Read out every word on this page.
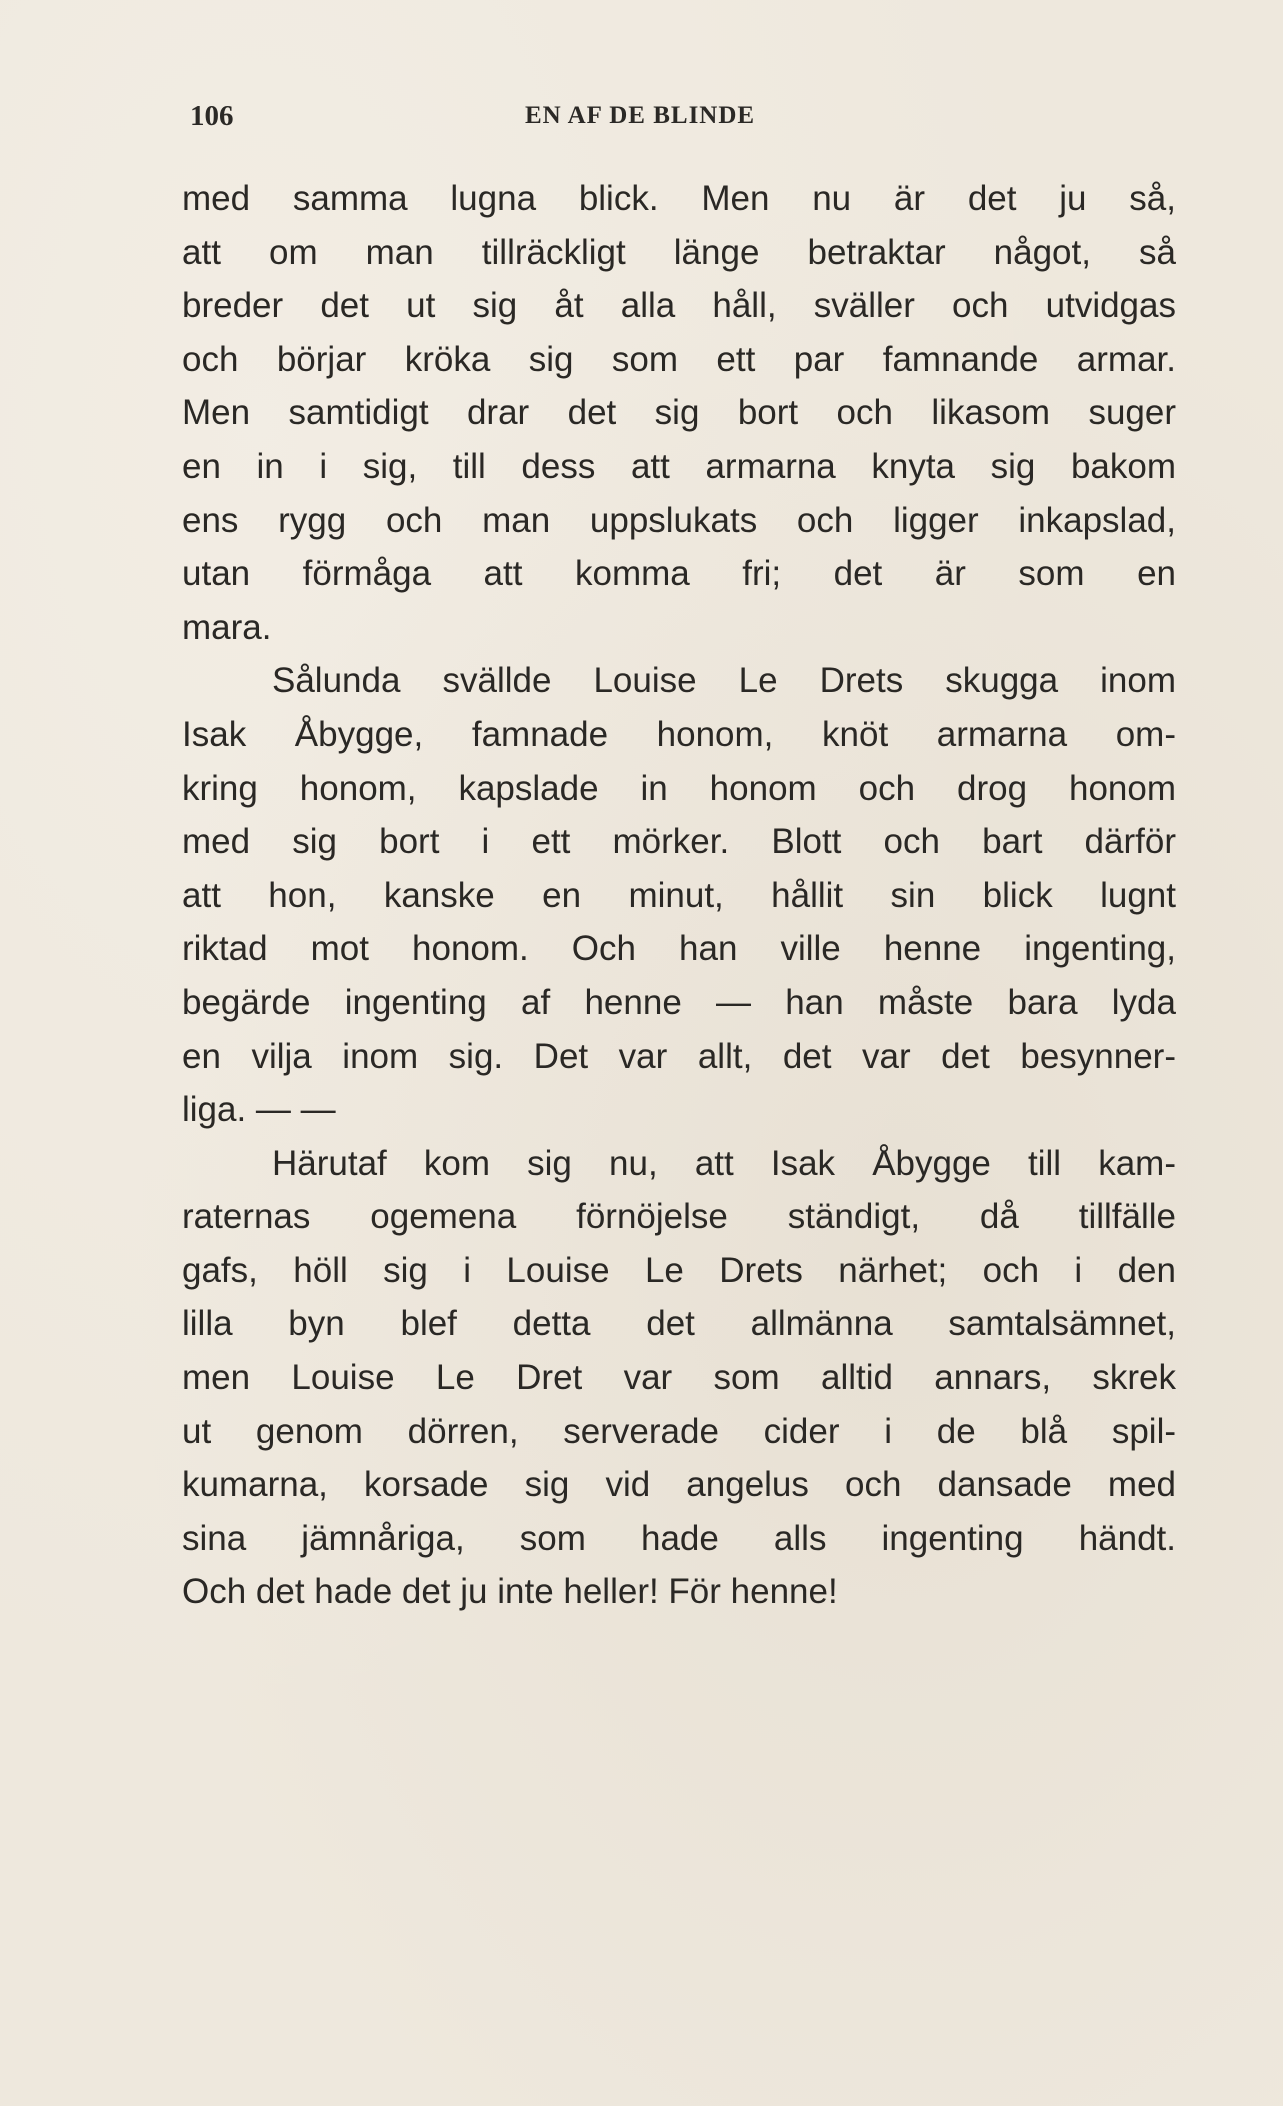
106	EN AF DE BLINDE
med samma lugna blick. Men nu är det ju så,
att om man tillräckligt länge betraktar något, så
breder det ut sig åt alla håll, sväller och utvidgas
och börjar kröka sig som ett par famnande armar.
Men samtidigt drar det sig bort och likasom suger
en in i sig, till dess att armarna knyta sig bakom
ens rygg och man uppslukats och ligger inkapslad,
utan förmåga att komma fri; det är som en
mara.
Sålunda svällde Louise Le Drets skugga inom
Isak Åbygge, famnade honom, knöt armarna om-
kring honom, kapslade in honom och drog honom
med sig bort i ett mörker. Blott och bart därför
att hon, kanske en minut, hållit sin blick lugnt
riktad mot honom. Och han ville henne ingenting,
begärde ingenting af henne — han måste bara lyda
en vilja inom sig. Det var allt, det var det besynner-
liga. — —
Härutaf kom sig nu, att Isak Åbygge till kam-
raternas ogemena förnöjelse ständigt, då tillfälle
gafs, höll sig i Louise Le Drets närhet; och i den
lilla byn blef detta det allmänna samtalsämnet,
men Louise Le Dret var som alltid annars, skrek
ut genom dörren, serverade cider i de blå spil-
kumarna, korsade sig vid angelus och dansade med
sina jämnåriga, som hade alls ingenting händt.
Och det hade det ju inte heller! För henne!
